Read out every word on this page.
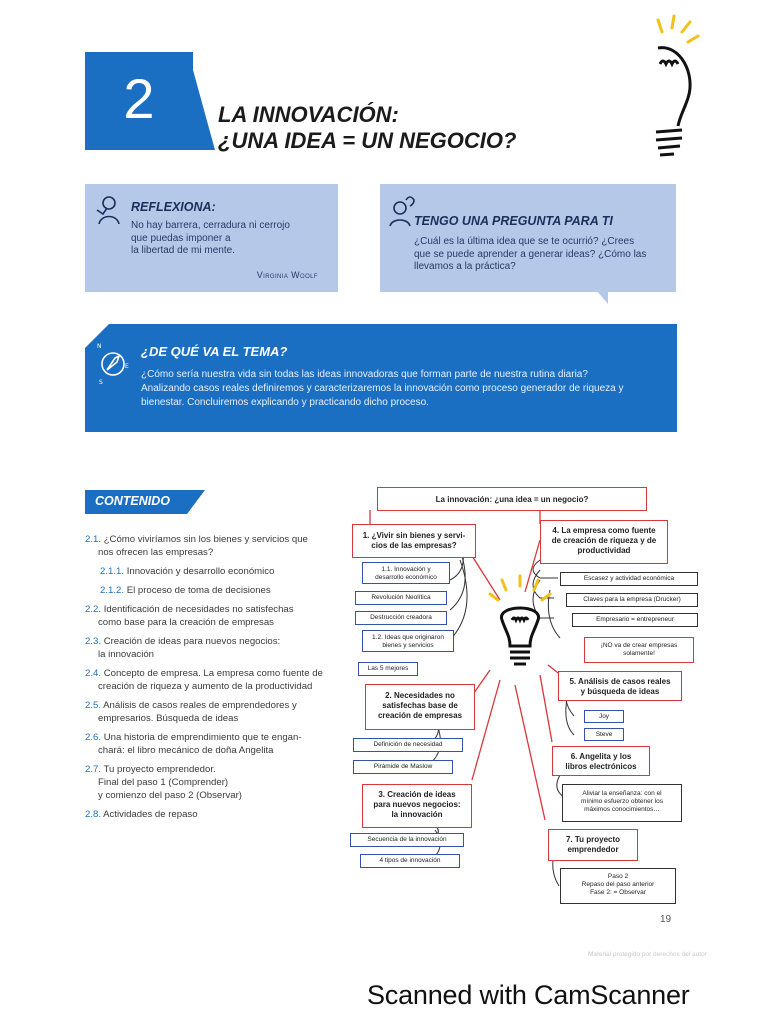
2	LA INNOVACIÓN:
¿UNA IDEA = UN NEGOCIO?
REFLEXIONA:
No hay barrera, cerradura ni cerrojo
que puedas imponer a
la libertad de mi mente.
Virginia Woolf
TENGO UNA PREGUNTA PARA TI
¿Cuál es la última idea que se te ocurrió? ¿Crees
que se puede aprender a generar ideas? ¿Cómo las
llevamos a la práctica?
N
E
S
¿DE QUÉ VA EL TEMA?
¿Cómo sería nuestra vida sin todas las ideas innovadoras que forman parte de nuestra rutina diaria?
Analizando casos reales definiremos y caracterizaremos la innovación como proceso generador de riqueza y
bienestar. Concluiremos explicando y practicando dicho proceso.
CONTENIDO
2.1. ¿Cómo viviríamos sin los bienes y servicios que
nos ofrecen las empresas?
2.1.1. Innovación y desarrollo económico
2.1.2. El proceso de toma de decisiones
2.2. Identificación de necesidades no satisfechas
como base para la creación de empresas
2.3. Creación de ideas para nuevos negocios:
la innovación
2.4. Concepto de empresa. La empresa como fuente de
creación de riqueza y aumento de la productividad
2.5. Análisis de casos reales de emprendedores y
empresarios. Búsqueda de ideas
2.6. Una historia de emprendimiento que te engan-
chará: el libro mecánico de doña Angelita
2.7. Tu proyecto emprendedor.
Final del paso 1 (Comprender)
y comienzo del paso 2 (Observar)
2.8. Actividades de repaso
La innovación: ¿una idea = un negocio?
1. ¿Vivir sin bienes y servi-
cios de las empresas?
1.1. Innovación y
desarrollo económico
Revolución Neolítica
Destrucción creadora
1.2. Ideas que originaron
bienes y servicios
Las 5 mejores
2. Necesidades no
satisfechas base de
creación de empresas
Definición de necesidad
Pirámide de Maslow
3. Creación de ideas
para nuevos negocios:
la innovación
Secuencia de la innovación
4 tipos de innovación
4. La empresa como fuente
de creación de riqueza y de
productividad
Escasez y actividad económica
Claves para la empresa (Drucker)
Empresario = entrepreneur
¡NO va de crear empresas
solamente!
5. Análisis de casos reales
y búsqueda de ideas
Joy
Steve
6. Angelita y los
libros electrónicos
Aliviar la enseñanza: con el
mínimo esfuerzo obtener los
máximos conocimientos…
7. Tu proyecto
emprendedor
Paso 2
Repaso del paso anterior
Fase 2: = Observar
19
Material protegido por derechos del autor
Scanned with CamScanner
